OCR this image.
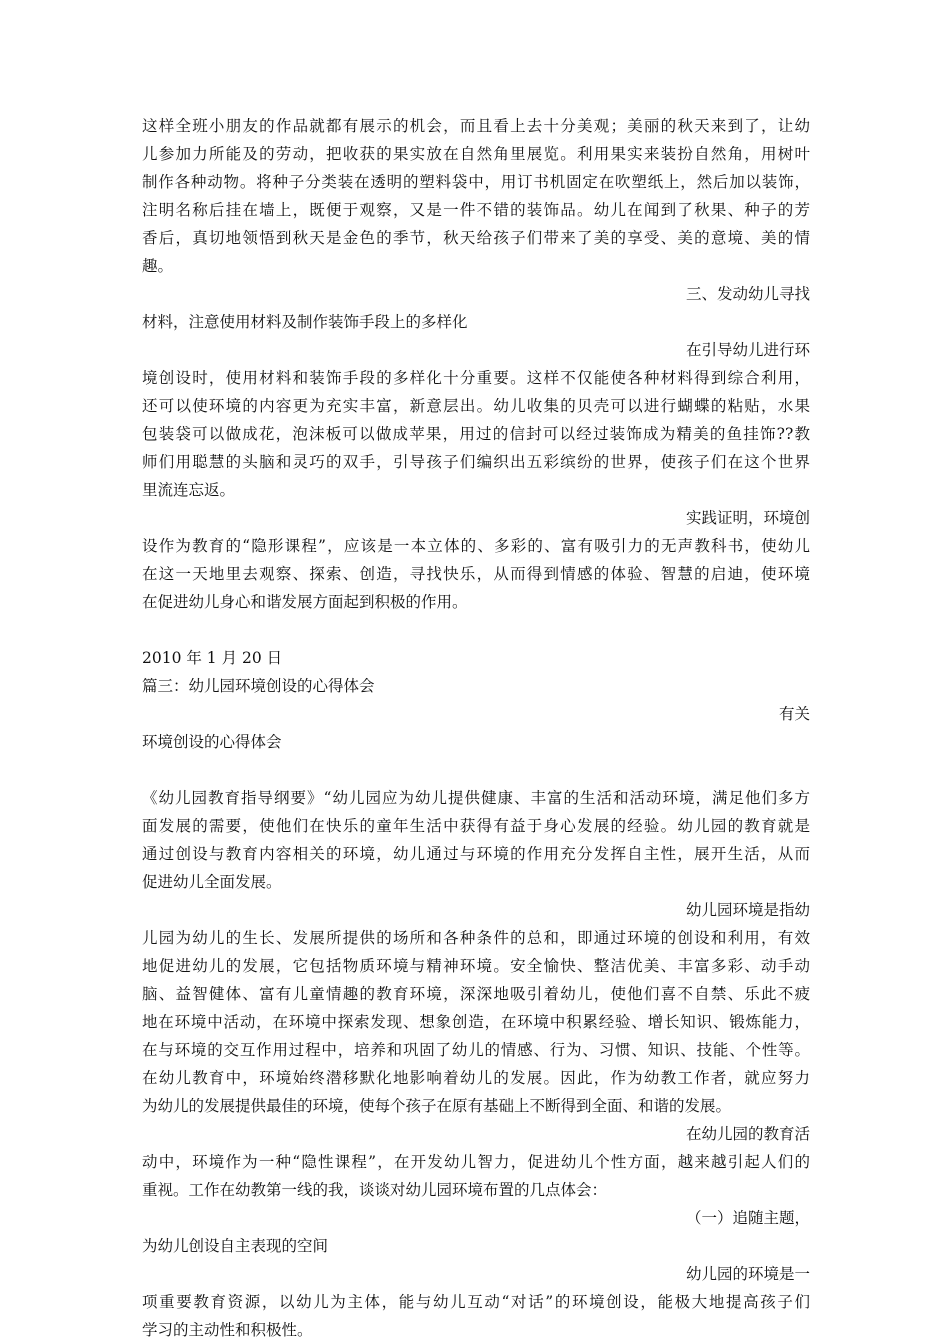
这样全班小朋友的作品就都有展示的机会，而且看上去十分美观；美丽的秋天来到了，让幼
儿参加力所能及的劳动，把收获的果实放在自然角里展览。利用果实来装扮自然角，用树叶
制作各种动物。将种子分类装在透明的塑料袋中，用订书机固定在吹塑纸上，然后加以装饰，
注明名称后挂在墙上，既便于观察，又是一件不错的装饰品。幼儿在闻到了秋果、种子的芳
香后，真切地领悟到秋天是金色的季节，秋天给孩子们带来了美的享受、美的意境、美的情
趣。
三、发动幼儿寻找
材料，注意使用材料及制作装饰手段上的多样化
在引导幼儿进行环
境创设时，使用材料和装饰手段的多样化十分重要。这样不仅能使各种材料得到综合利用，
还可以使环境的内容更为充实丰富，新意层出。幼儿收集的贝壳可以进行蝴蝶的粘贴，水果
包装袋可以做成花，泡沫板可以做成苹果，用过的信封可以经过装饰成为精美的鱼挂饰??教
师们用聪慧的头脑和灵巧的双手，引导孩子们编织出五彩缤纷的世界，使孩子们在这个世界
里流连忘返。
实践证明，环境创
设作为教育的“隐形课程”，应该是一本立体的、多彩的、富有吸引力的无声教科书，使幼儿
在这一天地里去观察、探索、创造，寻找快乐，从而得到情感的体验、智慧的启迪，使环境
在促进幼儿身心和谐发展方面起到积极的作用。
2010 年 1 月 20 日
篇三：幼儿园环境创设的心得体会
有关
环境创设的心得体会
《幼儿园教育指导纲要》“幼儿园应为幼儿提供健康、丰富的生活和活动环境，满足他们多方
面发展的需要，使他们在快乐的童年生活中获得有益于身心发展的经验。幼儿园的教育就是
通过创设与教育内容相关的环境，幼儿通过与环境的作用充分发挥自主性，展开生活，从而
促进幼儿全面发展。
幼儿园环境是指幼
儿园为幼儿的生长、发展所提供的场所和各种条件的总和，即通过环境的创设和利用，有效
地促进幼儿的发展，它包括物质环境与精神环境。安全愉快、整洁优美、丰富多彩、动手动
脑、益智健体、富有儿童情趣的教育环境，深深地吸引着幼儿，使他们喜不自禁、乐此不疲
地在环境中活动，在环境中探索发现、想象创造，在环境中积累经验、增长知识、锻炼能力，
在与环境的交互作用过程中，培养和巩固了幼儿的情感、行为、习惯、知识、技能、个性等。
在幼儿教育中，环境始终潜移默化地影响着幼儿的发展。因此，作为幼教工作者，就应努力
为幼儿的发展提供最佳的环境，使每个孩子在原有基础上不断得到全面、和谐的发展。
在幼儿园的教育活
动中，环境作为一种“隐性课程”，在开发幼儿智力，促进幼儿个性方面，越来越引起人们的
重视。工作在幼教第一线的我，谈谈对幼儿园环境布置的几点体会：
（一）追随主题，
为幼儿创设自主表现的空间
幼儿园的环境是一
项重要教育资源，以幼儿为主体，能与幼儿互动“对话”的环境创设，能极大地提高孩子们
学习的主动性和积极性。
